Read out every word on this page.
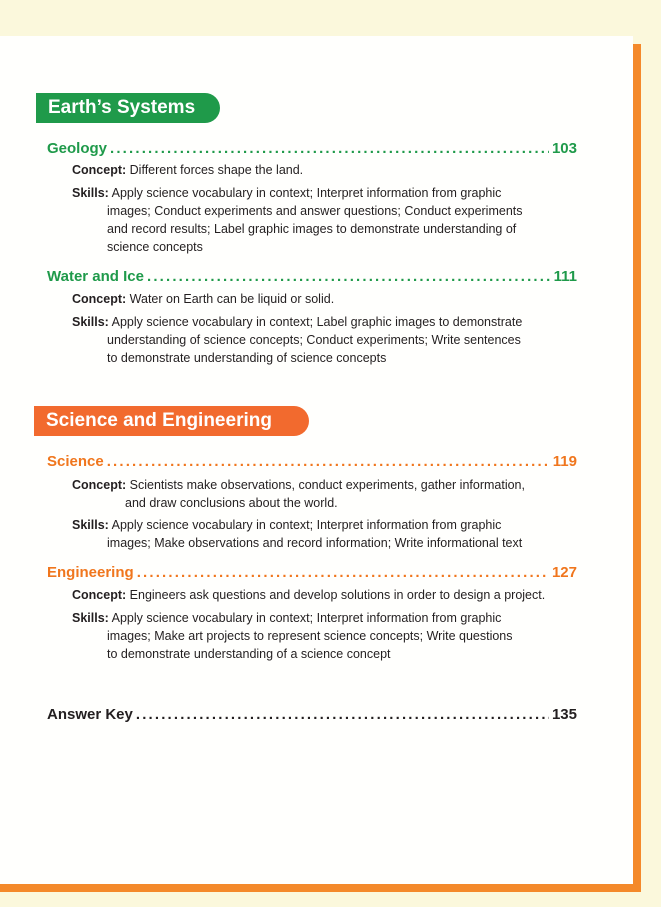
Earth’s Systems
Geology . . .	103
Concept: Different forces shape the land.
Skills: Apply science vocabulary in context; Interpret information from graphic
images; Conduct experiments and answer questions; Conduct experiments
and record results; Label graphic images to demonstrate understanding of
science concepts
Water and Ice . . .	111
Concept: Water on Earth can be liquid or solid.
Skills: Apply science vocabulary in context; Label graphic images to demonstrate
understanding of science concepts; Conduct experiments; Write sentences
to demonstrate understanding of science concepts
Science and Engineering
Science . . .	119
Concept: Scientists make observations, conduct experiments, gather information,
and draw conclusions about the world.
Skills: Apply science vocabulary in context; Interpret information from graphic
images; Make observations and record information; Write informational text
Engineering . . .	127
Concept: Engineers ask questions and develop solutions in order to design a project.
Skills: Apply science vocabulary in context; Interpret information from graphic
images; Make art projects to represent science concepts; Write questions
to demonstrate understanding of a science concept
Answer Key . . .	135
